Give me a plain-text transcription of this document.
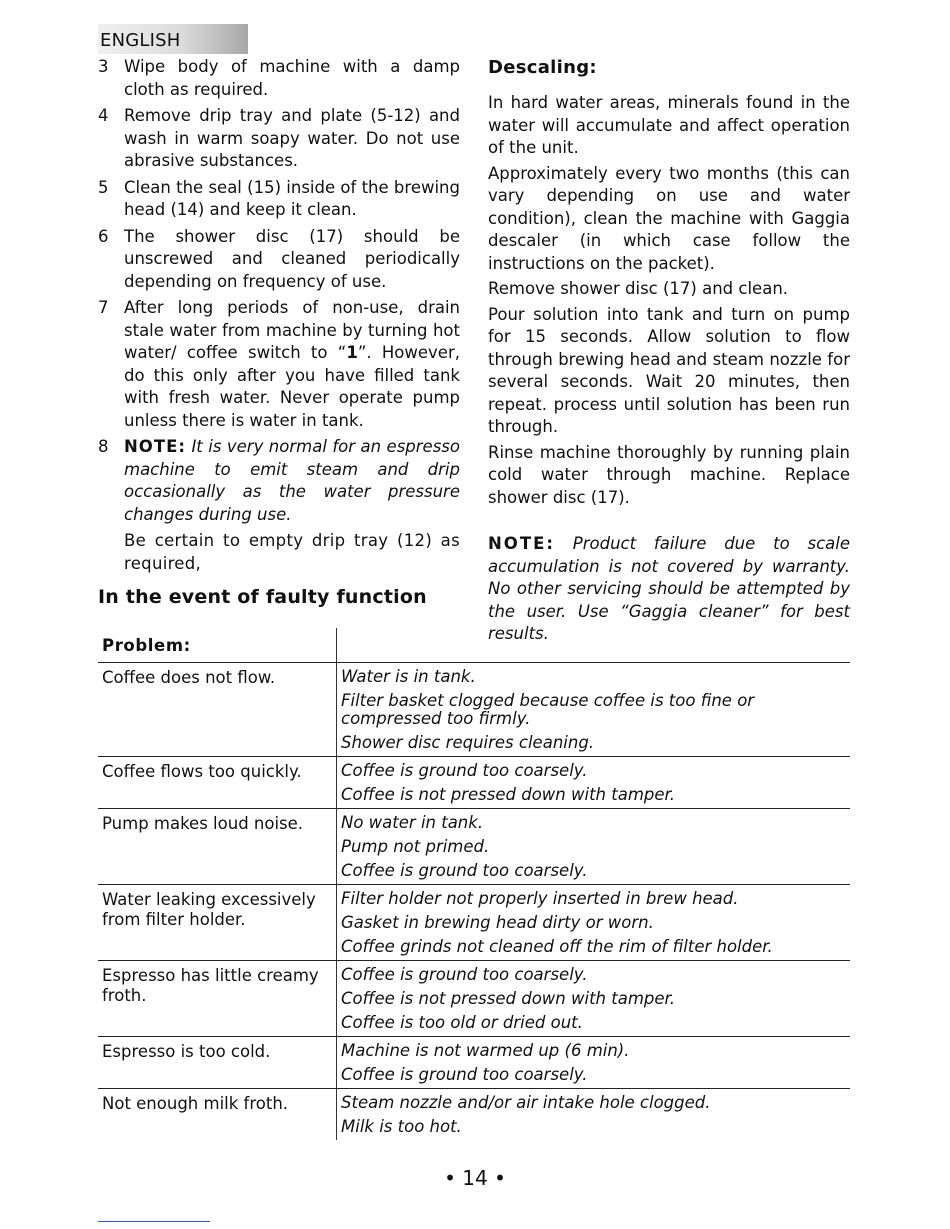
ENGLISH
3 Wipe body of machine with a damp cloth as required.
4 Remove drip tray and plate (5-12) and wash in warm soapy water. Do not use abrasive substances.
5 Clean the seal (15) inside of the brewing head (14) and keep it clean.
6 The shower disc (17) should be unscrewed and cleaned periodically depending on frequency of use.
7 After long periods of non-use, drain stale water from machine by turning hot water/ coffee switch to “1”. However, do this only after you have filled tank with fresh water. Never operate pump unless there is water in tank.
8 NOTE: It is very normal for an espresso machine to emit steam and drip occasionally as the water pressure changes during use.
Be certain to empty drip tray (12) as required,
Descaling:

In hard water areas, minerals found in the water will accumulate and affect operation of the unit.

Approximately every two months (this can vary depending on use and water condition), clean the machine with Gaggia descaler (in which case follow the instructions on the packet).

Remove shower disc (17) and clean.

Pour solution into tank and turn on pump for 15 seconds. Allow solution to flow through brewing head and steam nozzle for several seconds. Wait 20 minutes, then repeat. process until solution has been run through.

Rinse machine thoroughly by running plain cold water through machine. Replace shower disc (17).

NOTE: Product failure due to scale accumulation is not covered by warranty. No other servicing should be attempted by the user. Use “Gaggia cleaner” for best results.

In the event of faulty function
Problem:	
Coffee does not flow.	Water is in tank.
Filter basket clogged because coffee is too fine or compressed too firmly.
Shower disc requires cleaning.

Coffee flows too quickly.	Coffee is ground too coarsely.
Coffee is not pressed down with tamper.

Pump makes loud noise.	No water in tank.
Pump not primed.
Coffee is ground too coarsely.

Water leaking excessively from filter holder.	Filter holder not properly inserted in brew head.
Gasket in brewing head dirty or worn.
Coffee grinds not cleaned off the rim of filter holder.

Espresso has little creamy froth.	Coffee is ground too coarsely.
Coffee is not pressed down with tamper.
Coffee is too old or dried out.

Espresso is too cold.	Machine is not warmed up (6 min).
Coffee is ground too coarsely.

Not enough milk froth.	Steam nozzle and/or air intake hole clogged.
Milk is too hot.
• 14 •
